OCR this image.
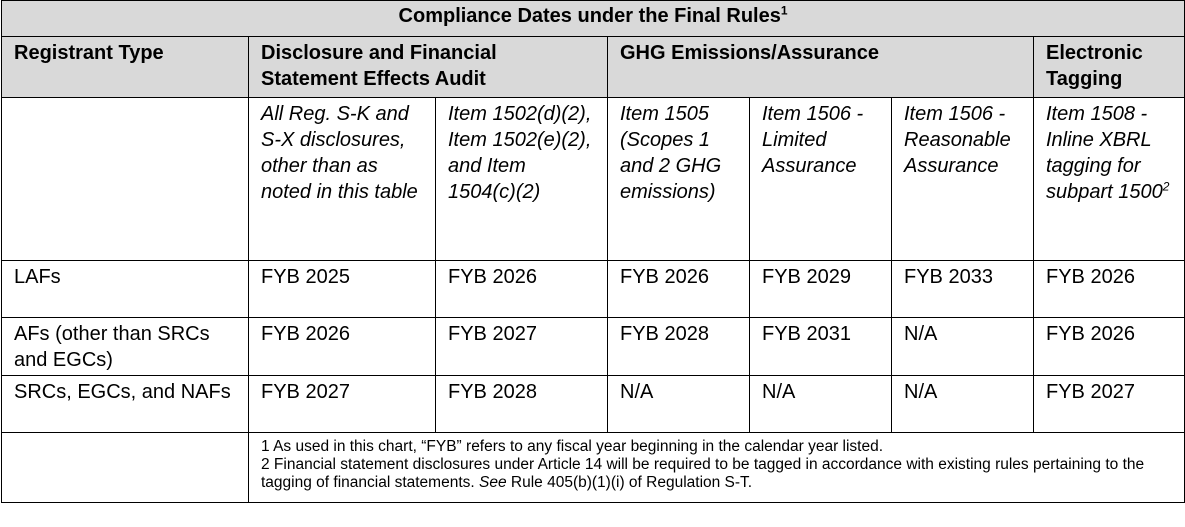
Compliance Dates under the Final Rules$^1$
Registrant Type	Disclosure and Financial Statement Effects Audit		GHG Emissions/Assurance			Electronic Tagging
	All Reg. S-K and S-X disclosures, other than as noted in this table	Item 1502(d)(2), Item 1502(e)(2), and Item 1504(c)(2)	Item 1505 (Scopes 1 and 2 GHG emissions)	Item 1506 - Limited Assurance	Item 1506 - Reasonable Assurance	Item 1508 - Inline XBRL tagging for subpart 1500$^2$
LAFs	FYB 2025	FYB 2026	FYB 2026	FYB 2029	FYB 2033	FYB 2026
AFs (other than SRCs and EGCs)	FYB 2026	FYB 2027	FYB 2028	FYB 2031	N/A	FYB 2026
SRCs, EGCs, and NAFs	FYB 2027	FYB 2028	N/A	N/A	N/A	FYB 2027

	1 As used in this chart, “FYB” refers to any fiscal year beginning in the calendar year listed.
2 Financial statement disclosures under Article 14 will be required to be tagged in accordance with existing rules pertaining to the tagging of financial statements. See Rule 405(b)(1)(i) of Regulation S-T.					
